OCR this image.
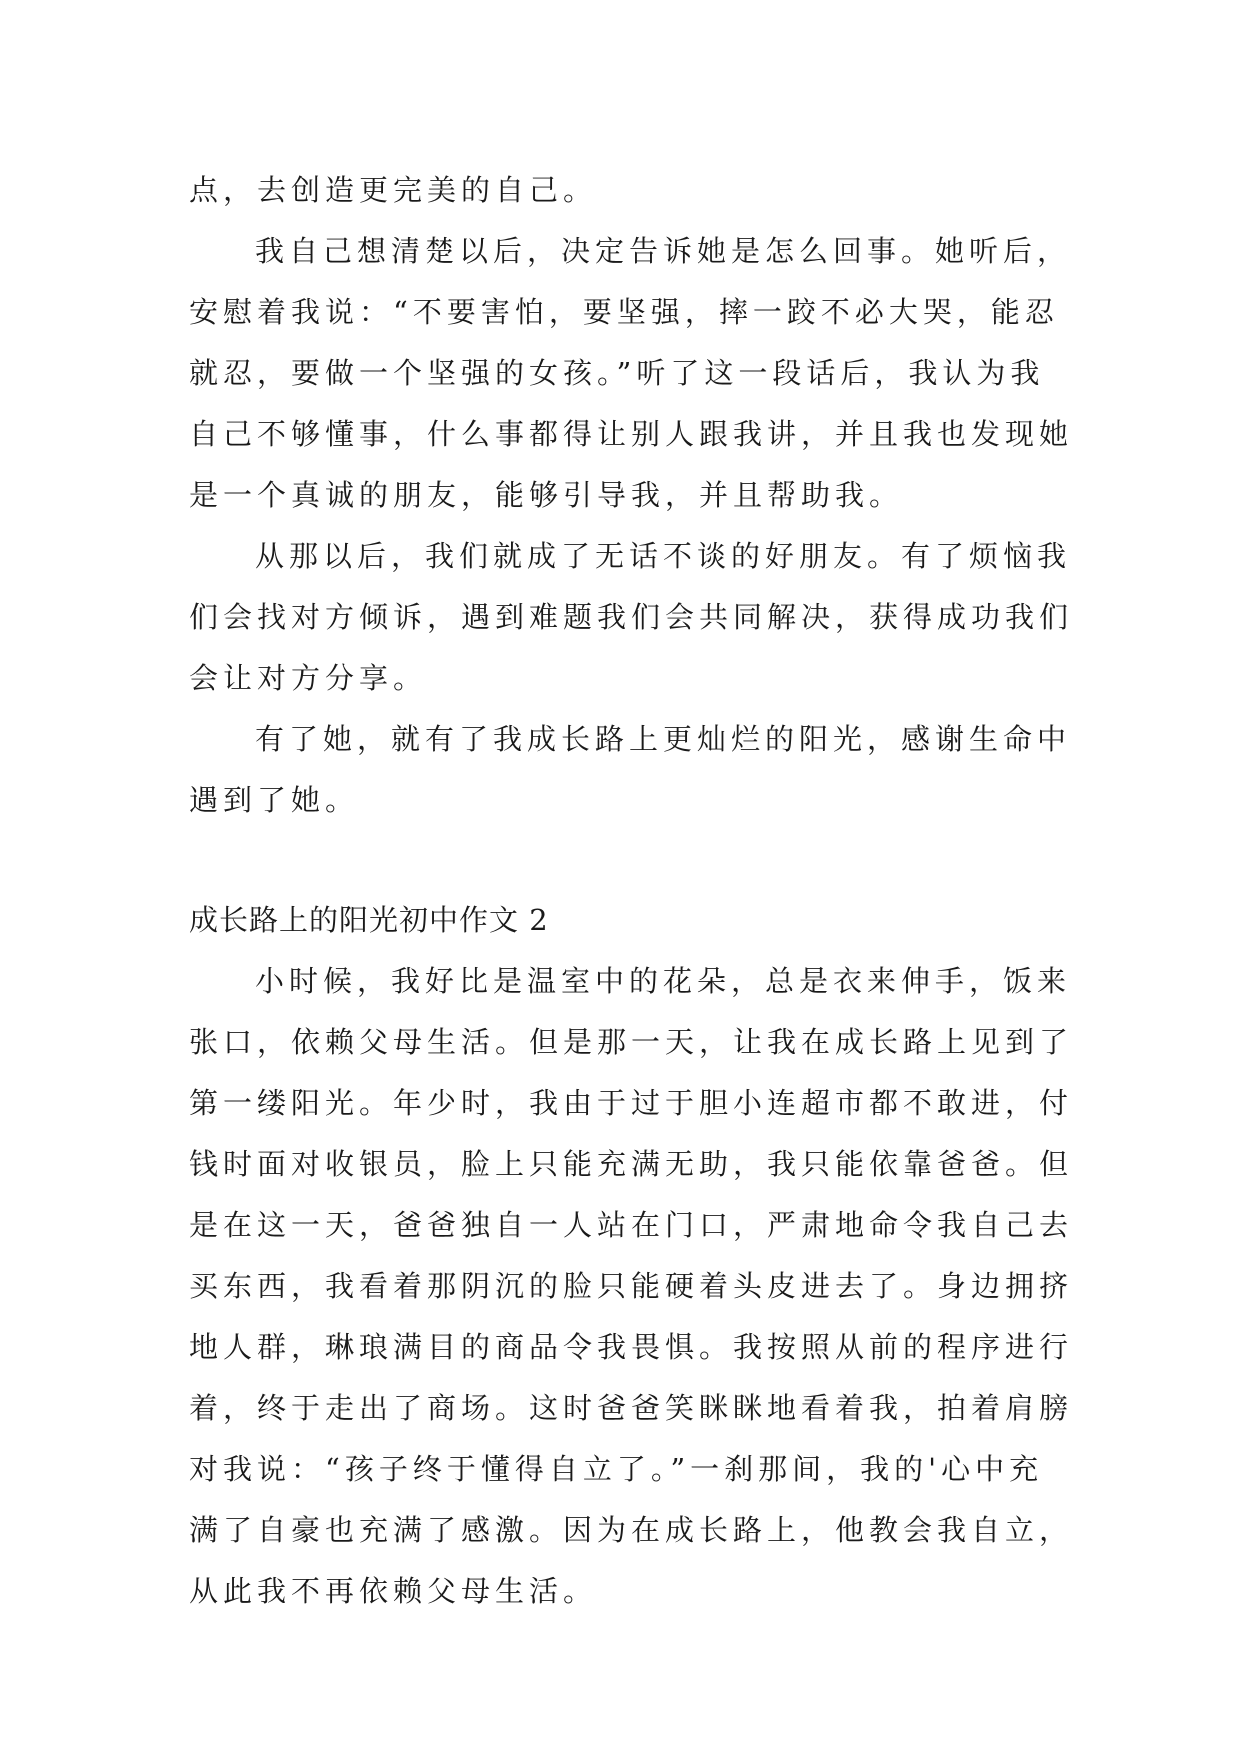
点，去创造更完美的自己。
我自己想清楚以后，决定告诉她是怎么回事。她听后，
安慰着我说：“不要害怕，要坚强，摔一跤不必大哭，能忍
就忍，要做一个坚强的女孩。”听了这一段话后，我认为我
自己不够懂事，什么事都得让别人跟我讲，并且我也发现她
是一个真诚的朋友，能够引导我，并且帮助我。
从那以后，我们就成了无话不谈的好朋友。有了烦恼我
们会找对方倾诉，遇到难题我们会共同解决，获得成功我们
会让对方分享。
有了她，就有了我成长路上更灿烂的阳光，感谢生命中
遇到了她。
成长路上的阳光初中作文 2
小时候，我好比是温室中的花朵，总是衣来伸手，饭来
张口，依赖父母生活。但是那一天，让我在成长路上见到了
第一缕阳光。年少时，我由于过于胆小连超市都不敢进，付
钱时面对收银员，脸上只能充满无助，我只能依靠爸爸。但
是在这一天，爸爸独自一人站在门口，严肃地命令我自己去
买东西，我看着那阴沉的脸只能硬着头皮进去了。身边拥挤
地人群，琳琅满目的商品令我畏惧。我按照从前的程序进行
着，终于走出了商场。这时爸爸笑眯眯地看着我，拍着肩膀
对我说：“孩子终于懂得自立了。”一刹那间，我的'心中充
满了自豪也充满了感激。因为在成长路上，他教会我自立，
从此我不再依赖父母生活。
